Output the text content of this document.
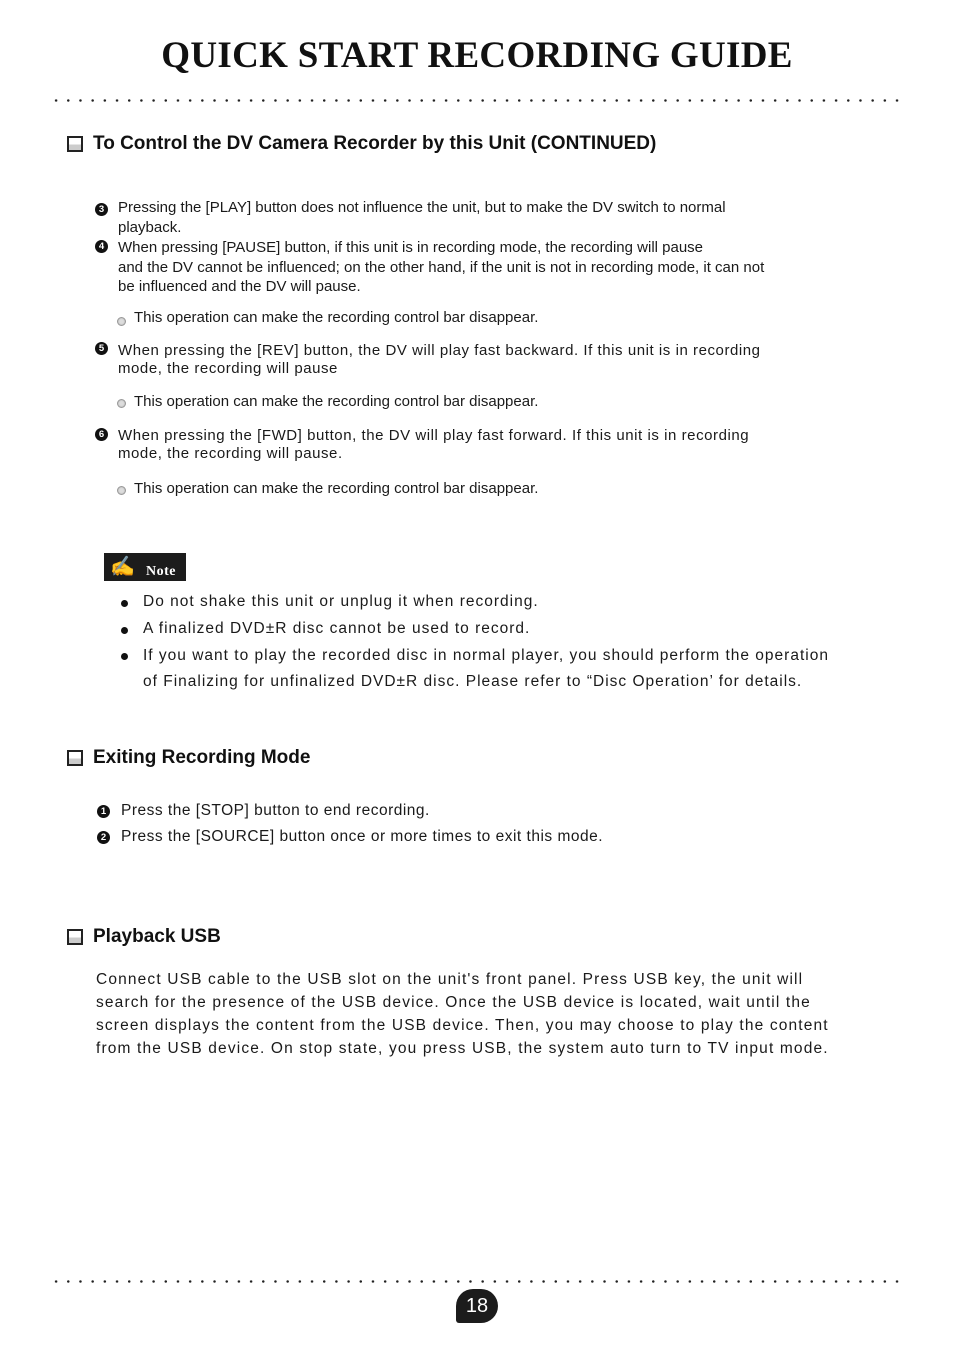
QUICK START RECORDING GUIDE
To Control the DV Camera Recorder by this Unit (CONTINUED)
3 Pressing the [PLAY] button does not influence the unit, but to make the DV switch to normal
playback.
4 When pressing [PAUSE] button, if this unit is in recording mode, the recording will pause
and the DV cannot be influenced; on the other hand, if the unit is not in recording mode, it can not
be influenced and the DV will pause.
This operation can make the recording control bar disappear.
5 When pressing the [REV] button, the DV will play fast backward. If this unit is in recording
mode, the recording will pause
This operation can make the recording control bar disappear.
6 When pressing the [FWD] button, the DV will play fast forward. If this unit is in recording
mode, the recording will pause.
This operation can make the recording control bar disappear.
✍ Note
Do not shake this unit or unplug it when recording.
A finalized DVD±R disc cannot be used to record.
If you want to play the recorded disc in normal player, you should perform the operation
of Finalizing for unfinalized DVD±R disc. Please refer to “Disc Operation’ for details.
Exiting Recording Mode
1 Press the [STOP] button to end recording.
2 Press the [SOURCE] button once or more times to exit this mode.
Playback USB
Connect USB cable to the USB slot on the unit's front panel. Press USB key, the unit will
search for the presence of the USB device. Once the USB device is located, wait until the
screen displays the content from the USB device. Then, you may choose to play the content
from the USB device. On stop state, you press USB, the system auto turn to TV input mode.
18
